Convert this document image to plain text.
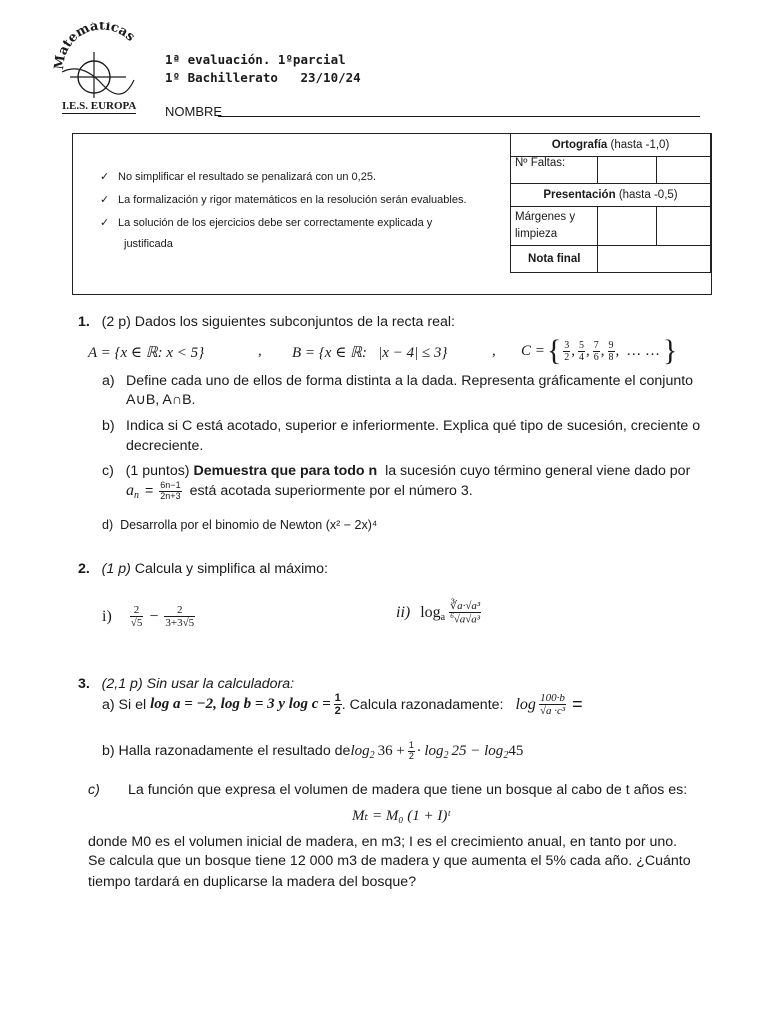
Matemáticas
I.E.S. EUROPA
1ª evaluación. 1ºparcial
1º Bachillerato   23/10/24
NOMBRE
✓ No simplificar el resultado se penalizará con un 0,25.
✓ La formalización y rigor matemáticos en la resolución serán evaluables.
✓ La solución de los ejercicios debe ser correctamente explicada y
justificada
Ortografía (hasta -1,0)		
Nº Faltas:		
Presentación (hasta -0,5)		
Márgenes y
limpieza		
Nota final		
1. (2 p) Dados los siguientes subconjuntos de la recta real:
A = {x ∈ ℝ: x < 5}	, B = {x ∈ ℝ:   |x − 4| ≤ 3}	, C = { $\frac{3}{2}$ , $\frac{5}{4}$ , $\frac{7}{6}$ , $\frac{9}{8}$ , … … }
a) Define cada uno de ellos de forma distinta a la dada. Representa gráficamente el conjunto
A∪B, A∩B.
b) Indica si C está acotado, superior e inferiormente. Explica qué tipo de sucesión, creciente o
decreciente.
c) (1 puntos) Demuestra que para todo n la sucesión cuyo término general viene dado por
$a_n = \frac{6n-1}{2n+3}$ está acotada superiormente por el número 3.
d) Desarrolla por el binomio de Newton (x² − 2x)⁴
2. (1 p) Calcula y simplifica al máximo:
i)	2
$√5 - \frac{2}{3+3√5}$	ii) $\log_a$
∛a·√a³
$^6$√a√a³
3. (2,1 p) Sin usar la calculadora:
a) Si el
log a = −2, log b = 3 y $\log c = \frac{1}{2}$ . Calcula razonadamente: $\log \frac{100\cdot b}{\text{√a ·c³}}$ =
b) Halla razonadamente el resultado de $\log_2 36 + \frac{1}{2} \cdot \log_2 25 - \log_2 45$
c) La función que expresa el volumen de madera que tiene un bosque al cabo de t años es:
Mₜ = M₀ (1 + I)ᵗ
donde M0 es el volumen inicial de madera, en m3; I es el crecimiento anual, en tanto por uno.
Se calcula que un bosque tiene 12 000 m3 de madera y que aumenta el 5% cada año. ¿Cuánto
tiempo tardará en duplicarse la madera del bosque?
